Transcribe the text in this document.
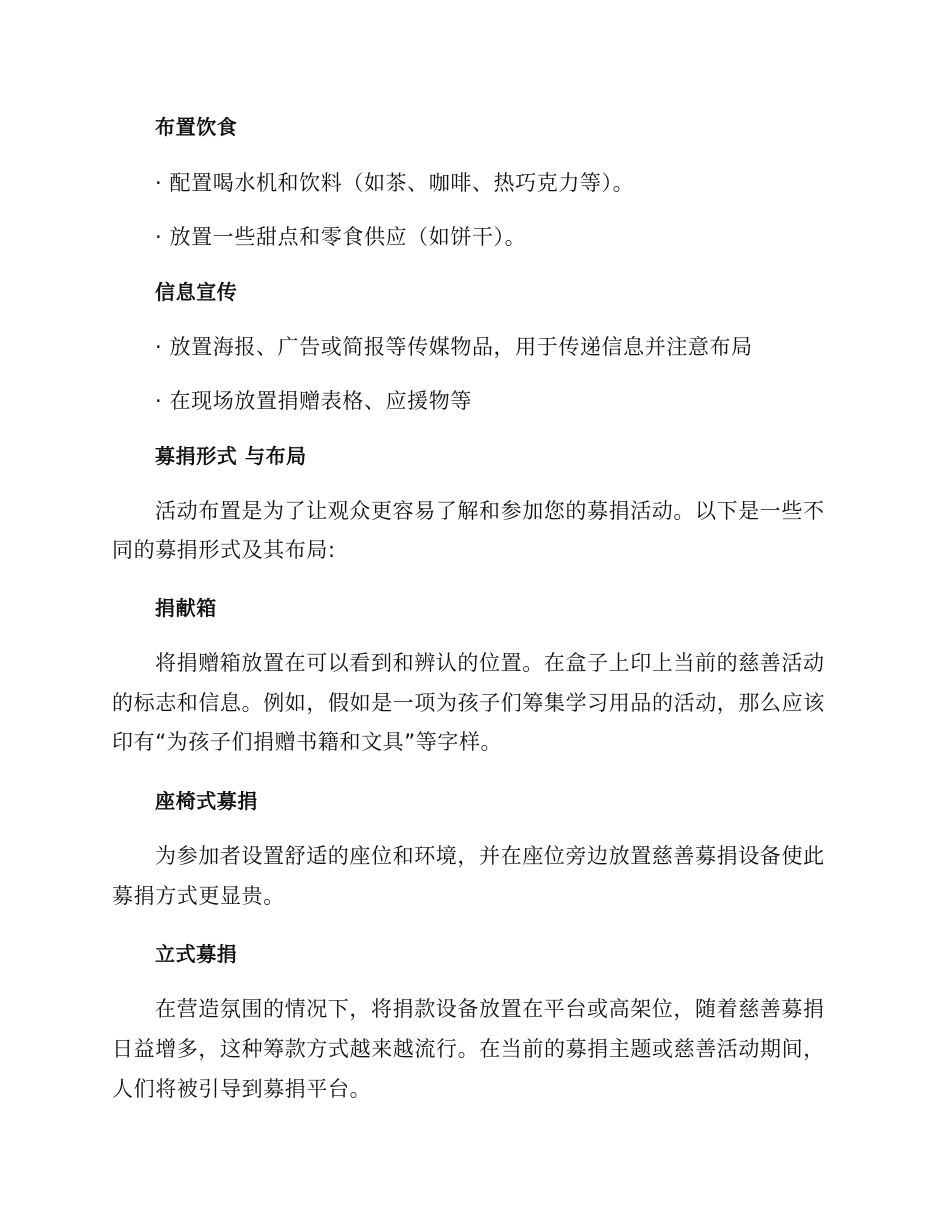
布置饮食
· 配置喝水机和饮料（如茶、咖啡、热巧克力等）。
· 放置一些甜点和零食供应（如饼干）。
信息宣传
· 放置海报、广告或简报等传媒物品，用于传递信息并注意布局
· 在现场放置捐赠表格、应援物等
募捐形式 与布局
活动布置是为了让观众更容易了解和参加您的募捐活动。以下是一些不
同的募捐形式及其布局:
捐献箱
将捐赠箱放置在可以看到和辨认的位置。在盒子上印上当前的慈善活动
的标志和信息。例如，假如是一项为孩子们筹集学习用品的活动，那么应该
印有“为孩子们捐赠书籍和文具”等字样。
座椅式募捐
为参加者设置舒适的座位和环境，并在座位旁边放置慈善募捐设备使此
募捐方式更显贵。
立式募捐
在营造氛围的情况下，将捐款设备放置在平台或高架位，随着慈善募捐
日益增多，这种筹款方式越来越流行。在当前的募捐主题或慈善活动期间，
人们将被引导到募捐平台。
